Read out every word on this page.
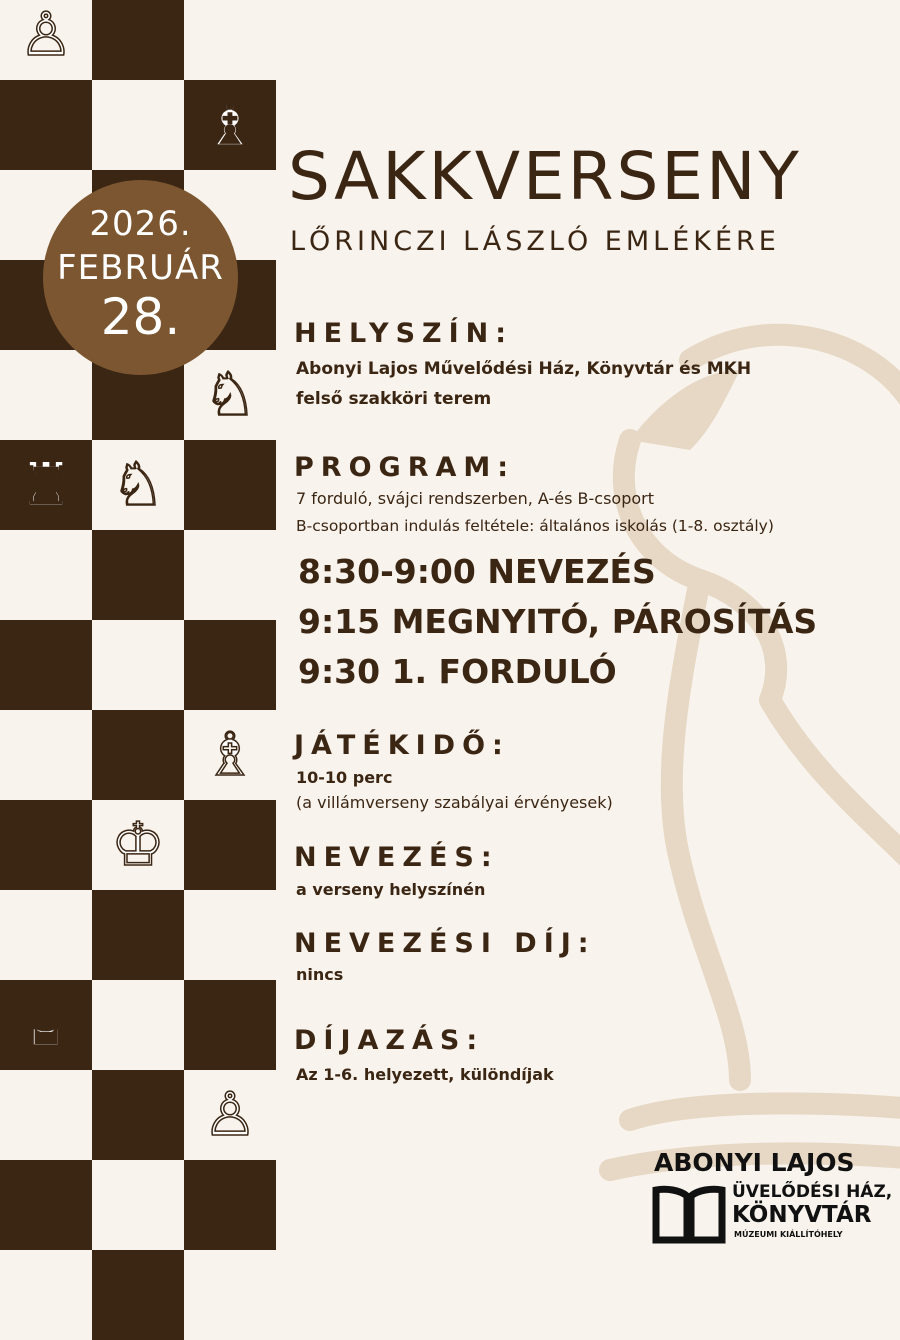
♙
♗
♘
♖ ♘
♗
♔
♕
♙
2026.
FEBRUÁR
28.
SAKKVERSENY
LŐRINCZI LÁSZLÓ EMLÉKÉRE
HELYSZÍN:
Abonyi Lajos Művelődési Ház, Könyvtár és MKH
felső szakköri terem
PROGRAM:
7 forduló, svájci rendszerben, A-és B-csoport
B-csoportban indulás feltétele: általános iskolás (1-8. osztály)
8:30-9:00 NEVEZÉS
9:15 MEGNYITÓ, PÁROSÍTÁS
9:30 1. FORDULÓ
JÁTÉKIDŐ:
10-10 perc
(a villámverseny szabályai érvényesek)
NEVEZÉS:
a verseny helyszínén
NEVEZÉSI DÍJ:
nincs
DÍJAZÁS:
Az 1-6. helyezett, különdíjak
ABONYI LAJOS
ÜVELŐDÉSI HÁZ,
KÖNYVTÁR
MÚZEUMI KIÁLLÍTÓHELY
